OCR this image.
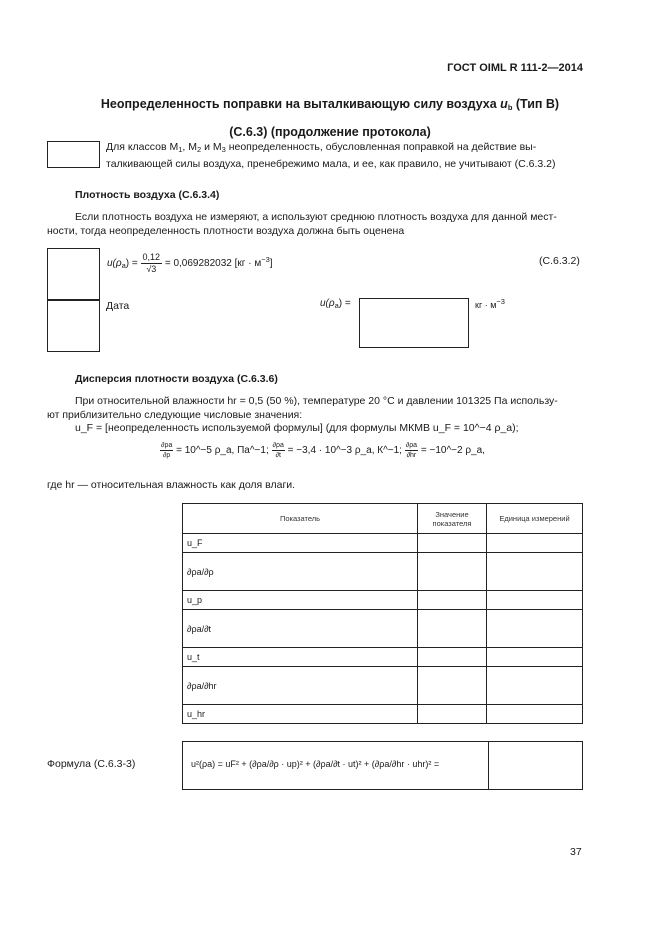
ГОСТ OIML R 111-2—2014
Неопределенность поправки на выталкивающую силу воздуха $u_b$ (Тип В)
(С.6.3) (продолжение протокола)
Для классов $M_1$, $M_2$ и $M_3$ неопределенность, обусловленная поправкой на действие вы-
талкивающей силы воздуха, пренебрежимо мала, и ее, как правило, не учитывают (С.6.3.2)
Плотность воздуха (С.6.3.4)
Если плотность воздуха не измеряют, а используют среднюю плотность воздуха для данной мест-
ности, тогда неопределенность плотности воздуха должна быть оценена
$u(\rho_a) = \frac{0,12}{√3} = 0,069282032$ $[кг \cdot м^{-3}]$	(С.6.3.2)
Дата	$u(\rho_a)$ =	кг · $м^{-3}$
Дисперсия плотности воздуха (С.6.3.6)
При относительной влажности hr = 0,5 (50 %), температуре 20 °С и давлении 101325 Па использу-
ют приблизительно следующие числовые значения:
u_F = [неопределенность используемой формулы] (для формулы МКМВ u_F = 10^−4 ρ_a);
$\frac{\partial\rho a}{\partial\rho}$ = 10^−5 ρ_a, Па^−1; $\frac{\partial\rho a}{\partial t} = -3,4$ · 10^−3 ρ_a, К^−1; $\frac{\partial\rho a}{\partial hr}$ = −10^−2 ρ_a,
где hr — относительная влажность как доля влаги.
Показатель	Значение показателя	Единица измерений
u_F		
∂ρa/∂ρ		
u_p		
∂ρa/∂t		
u_t		
∂ρa/∂hr		
u_hr		
Формула (С.6.3-3)	u²(ρa) = uF² + (∂ρa/∂ρ · up)² + (∂ρa/∂t · ut)² + (∂ρa/∂hr · uhr)² =
37
